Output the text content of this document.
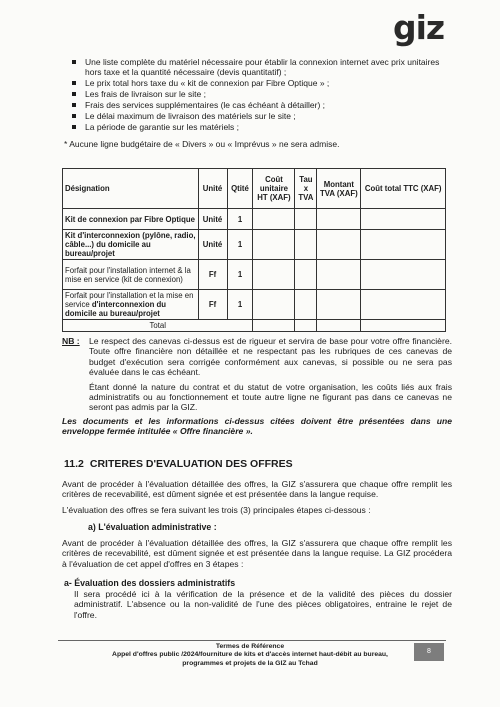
giz
Une liste complète du matériel nécessaire pour établir la connexion internet avec prix unitaires hors taxe et la quantité nécessaire (devis quantitatif) ;
Le prix total hors taxe du « kit de connexion par Fibre Optique » ;
Les frais de livraison sur le site ;
Frais des services supplémentaires (le cas échéant à détailler) ;
Le délai maximum de livraison des matériels sur le site ;
La période de garantie sur les matériels ;
* Aucune ligne budgétaire de « Divers » ou « Imprévus » ne sera admise.
Désignation	Unité	Qtité	Coût unitaire HT (XAF)	Tau x TVA	Montant TVA (XAF)	Coût total TTC (XAF)
Kit de connexion par Fibre Optique	Unité	1				
Kit d'interconnexion (pylône, radio, câble...) du domicile au bureau/projet	Unité	1				
Forfait pour l'installation internet & la mise en service (kit de connexion)	Ff	1				
Forfait pour l'installation et la mise en service d'interconnexion du domicile au bureau/projet	Ff	1				
Total						
NB :	Le respect des canevas ci-dessus est de rigueur et servira de base pour votre offre financière. Toute offre financière non détaillée et ne respectant pas les rubriques de ces canevas de budget d'exécution sera corrigée conformément aux canevas, si possible ou ne sera pas évaluée dans le cas échéant.
Étant donné la nature du contrat et du statut de votre organisation, les coûts liés aux frais administratifs ou au fonctionnement et toute autre ligne ne figurant pas dans ce canevas ne seront pas admis par la GIZ.
Les documents et les informations ci-dessus citées doivent être présentées dans une enveloppe fermée intitulée « Offre financière ».
11.2 CRITERES D'EVALUATION DES OFFRES

Avant de procéder à l'évaluation détaillée des offres, la GIZ s'assurera que chaque offre remplit les critères de recevabilité, est dûment signée et est présentée dans la langue requise.

L'évaluation des offres se fera suivant les trois (3) principales étapes ci-dessous :

a) L'évaluation administrative :

Avant de procéder à l'évaluation détaillée des offres, la GIZ s'assurera que chaque offre remplit les critères de recevabilité, est dûment signée et est présentée dans la langue requise. La GIZ procédera à l'évaluation de cet appel d'offres en 3 étapes :

a- Évaluation des dossiers administratifs

Il sera procédé ici à la vérification de la présence et de la validité des pièces du dossier administratif. L'absence ou la non-validité de l'une des pièces obligatoires, entraine le rejet de l'offre.

Termes de Référence
Appel d'offres public /2024/fourniture de kits et d'accès internet haut-débit au bureau,
programmes et projets de la GIZ au Tchad
8
